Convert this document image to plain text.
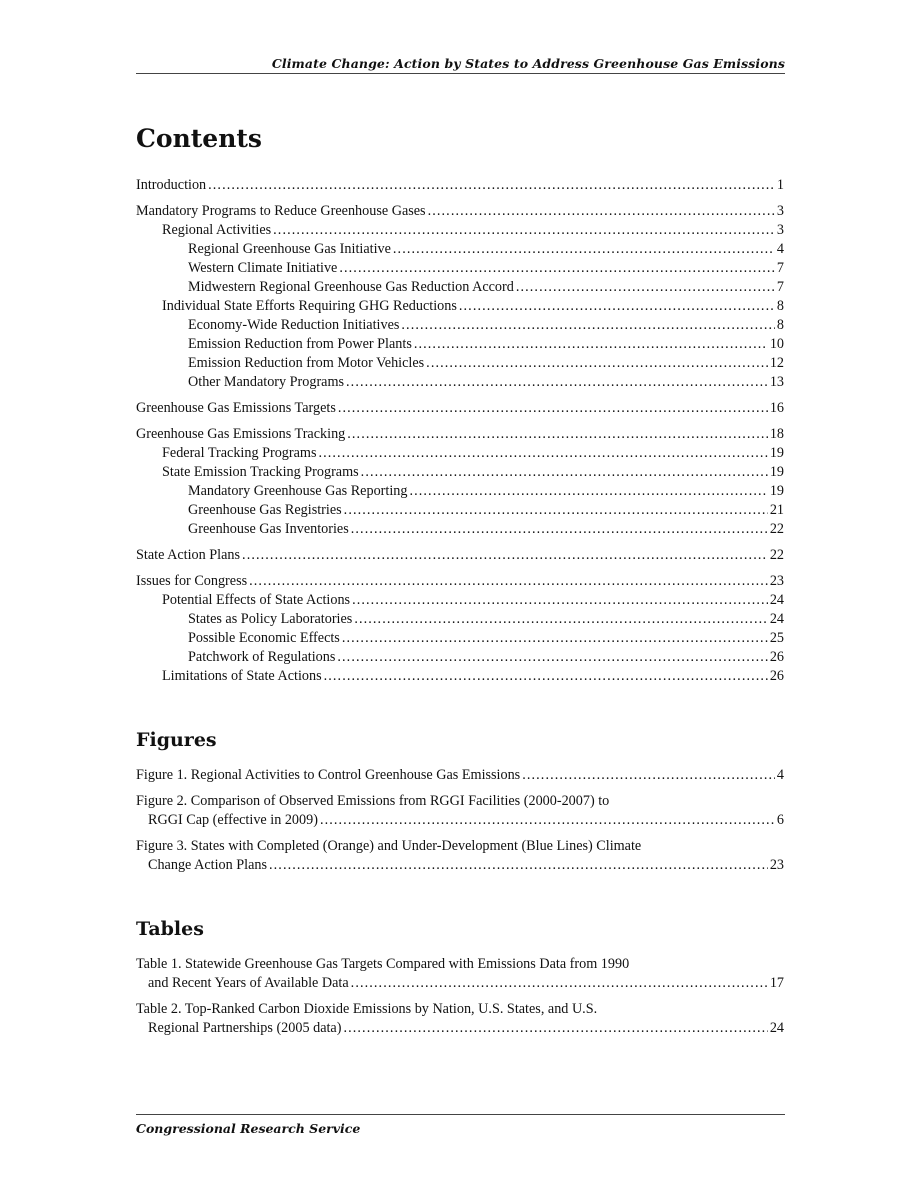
Climate Change: Action by States to Address Greenhouse Gas Emissions
Contents
Introduction .....	1
Mandatory Programs to Reduce Greenhouse Gases .....	3
Regional Activities .....	3
Regional Greenhouse Gas Initiative .....	4
Western Climate Initiative .....	7
Midwestern Regional Greenhouse Gas Reduction Accord .....	7
Individual State Efforts Requiring GHG Reductions .....	8
Economy-Wide Reduction Initiatives .....	8
Emission Reduction from Power Plants .....	10
Emission Reduction from Motor Vehicles .....	12
Other Mandatory Programs .....	13
Greenhouse Gas Emissions Targets .....	16
Greenhouse Gas Emissions Tracking .....	18
Federal Tracking Programs .....	19
State Emission Tracking Programs .....	19
Mandatory Greenhouse Gas Reporting .....	19
Greenhouse Gas Registries .....	21
Greenhouse Gas Inventories .....	22
State Action Plans .....	22
Issues for Congress .....	23
Potential Effects of State Actions .....	24
States as Policy Laboratories .....	24
Possible Economic Effects .....	25
Patchwork of Regulations .....	26
Limitations of State Actions .....	26
Figures
Figure 1. Regional Activities to Control Greenhouse Gas Emissions .....	4
Figure 2. Comparison of Observed Emissions from RGGI Facilities (2000-2007) to
RGGI Cap (effective in 2009) .....	6
Figure 3. States with Completed (Orange) and Under-Development (Blue Lines) Climate
Change Action Plans .....	23
Tables
Table 1. Statewide Greenhouse Gas Targets Compared with Emissions Data from 1990
and Recent Years of Available Data .....	17
Table 2. Top-Ranked Carbon Dioxide Emissions by Nation, U.S. States, and U.S.
Regional Partnerships (2005 data) .....	24
Congressional Research Service
